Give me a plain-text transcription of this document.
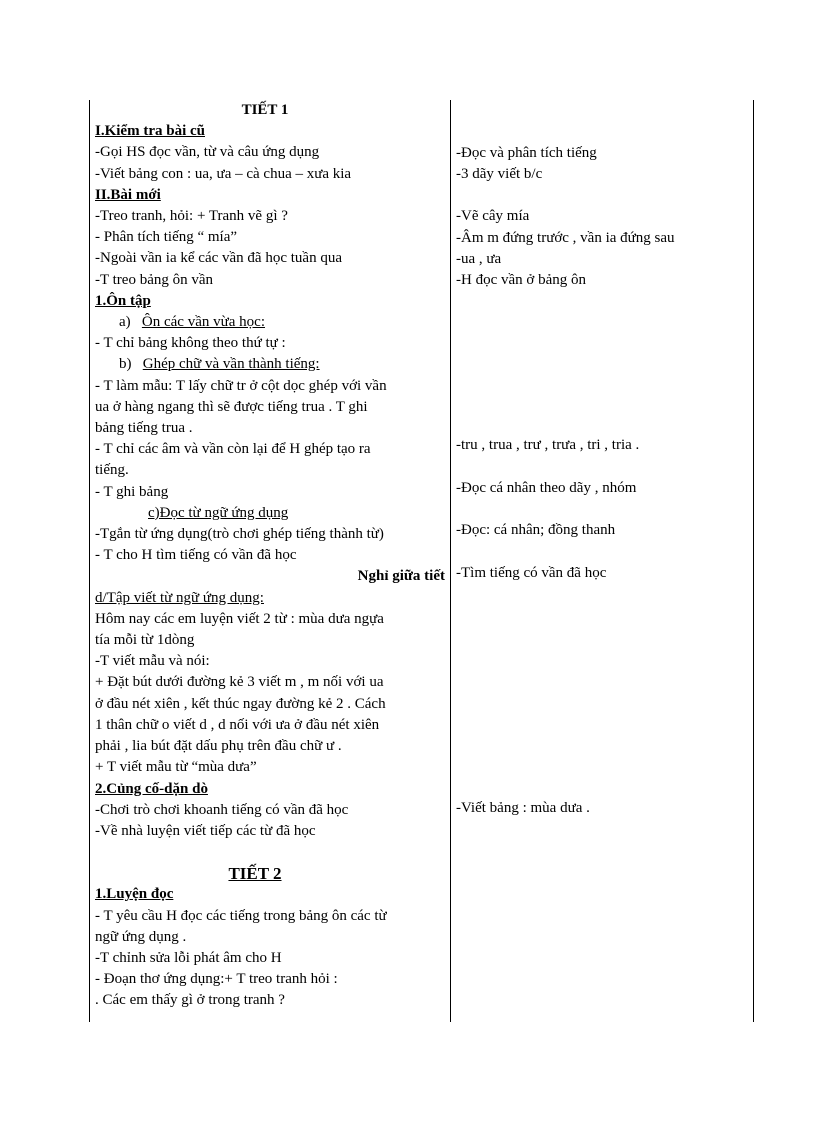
TIẾT 1
I.Kiểm tra bài cũ
-Gọi HS đọc vần, từ và câu ứng dụng
-Viết bảng con : ua, ưa – cà chua – xưa kia
II.Bài mới
-Treo tranh, hỏi: + Tranh vẽ gì ?
- Phân tích tiếng “ mía”
-Ngoài vần ia kể các vần đã học tuần qua
-T treo bảng ôn vần
1.Ôn tập
a) Ôn các vần vừa học:
- T chỉ bảng không theo thứ tự :
b) Ghép chữ và vần thành tiếng:
- T làm mẫu: T lấy chữ tr ở cột dọc ghép với vần
ua ở hàng ngang thì sẽ được tiếng trua . T ghi
bảng tiếng trua .
- T chỉ các âm và vần còn lại để H ghép tạo ra
tiếng.
- T ghi bảng
c)Đọc từ ngữ ứng dụng
-Tgắn từ ứng dụng(trò chơi ghép tiếng thành từ)
- T cho H tìm tiếng có vần đã học
Nghỉ giữa tiết
d/Tập viết từ ngữ ứng dụng:
Hôm nay các em luyện viết 2 từ : mùa dưa ngựa
tía mỗi từ 1dòng
-T viết mẫu và nói:
+ Đặt bút dưới đường kẻ 3 viết m , m nối với ua
ở đầu nét xiên , kết thúc ngay đường kẻ 2 . Cách
1 thân chữ o viết d , d nối với ưa ở đầu nét xiên
phải , lia bút đặt dấu phụ trên đầu chữ ư .
+ T viết mẫu từ “mùa dưa”
2.Củng cố-dặn dò
-Chơi trò chơi khoanh tiếng có vần đã học
-Về nhà luyện viết tiếp các từ đã học
TIẾT 2
1.Luyện đọc
- T yêu cầu H đọc các tiếng trong bảng ôn các từ
ngữ ứng dụng .
-T chỉnh sửa lỗi phát âm cho H
- Đoạn thơ ứng dụng:+ T treo tranh hỏi :
. Các em thấy gì ở trong tranh ?
-Đọc và phân tích tiếng
-3 dãy viết b/c
-Vẽ cây mía
-Âm m đứng trước , vần ia đứng sau
-ua , ưa
-H đọc vần ở bảng ôn
-tru , trua , trư , trưa , tri , tria .
-Đọc cá nhân theo dãy , nhóm
-Đọc: cá nhân; đồng thanh
-Tìm tiếng có vần đã học
-Viết bảng : mùa dưa .
